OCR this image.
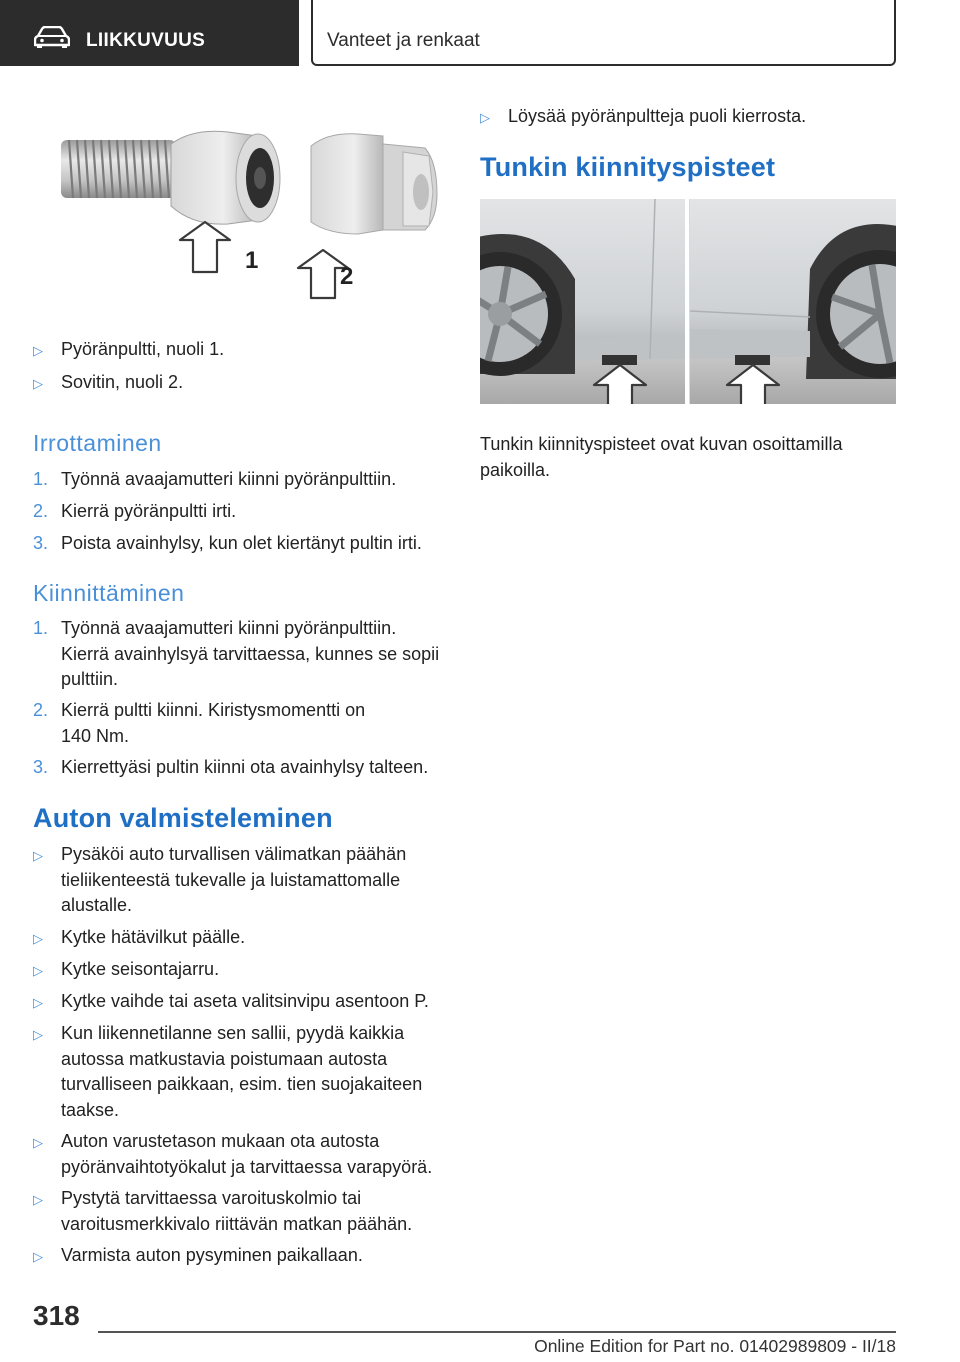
LIIKKUVUUS	Vanteet ja renkaat
1
2
▷	Pyöränpultti, nuoli 1.
▷	Sovitin, nuoli 2.
Irrottaminen
1. Työnnä avaajamutteri kiinni pyöränpulttiin.
2. Kierrä pyöränpultti irti.
3. Poista avainhylsy, kun olet kiertänyt pultin irti.
Kiinnittäminen
1. Työnnä avaajamutteri kiinni pyöränpulttiin. Kierrä avainhylsyä tarvittaessa, kunnes se sopii pulttiin.
2. Kierrä pultti kiinni. Kiristysmomentti on 140 Nm.
3. Kierrettyäsi pultin kiinni ota avainhylsy talteen.
Auton valmisteleminen
▷	Pysäköi auto turvallisen välimatkan päähän tieliikenteestä tukevalle ja luistamattomalle alustalle.
▷	Kytke hätävilkut päälle.
▷	Kytke seisontajarru.
▷	Kytke vaihde tai aseta valitsinvipu asentoon P.
▷	Kun liikennetilanne sen sallii, pyydä kaikkia autossa matkustavia poistumaan autosta turvalliseen paikkaan, esim. tien suojakaiteen taakse.
▷	Auton varustetason mukaan ota autosta pyöränvaihtotyökalut ja tarvittaessa varapyörä.
▷	Pystytä tarvittaessa varoituskolmio tai varoitusmerkkivalo riittävän matkan päähän.
▷	Varmista auton pysyminen paikallaan.
▷	Löysää pyöränpultteja puoli kierrosta.
Tunkin kiinnityspisteet
Tunkin kiinnityspisteet ovat kuvan osoittamilla paikoilla.
318
Online Edition for Part no. 01402989809 - II/18
